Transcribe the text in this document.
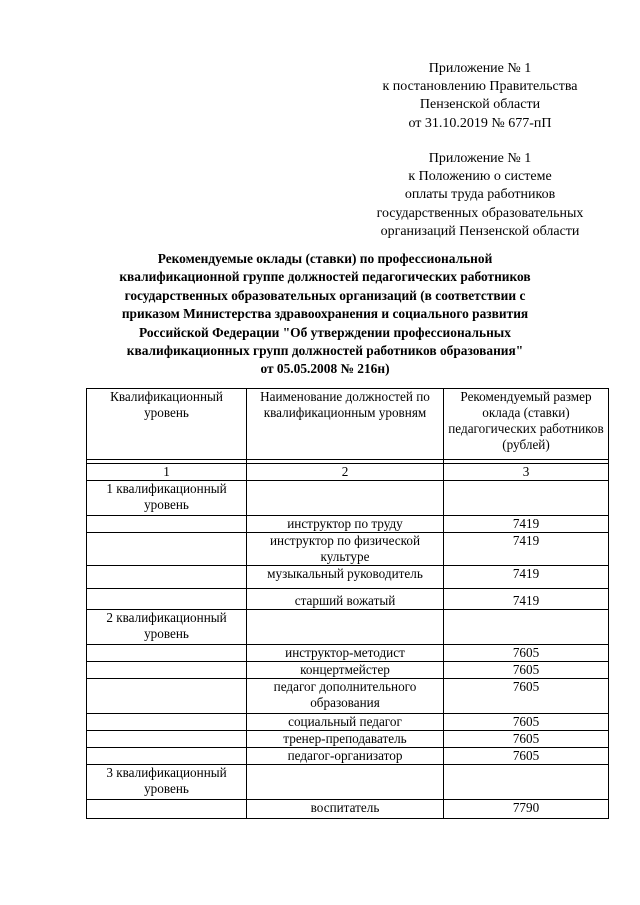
Приложение № 1
к постановлению Правительства
Пензенской области
от 31.10.2019 № 677-пП
Приложение № 1
к Положению о системе
оплаты труда работников
государственных образовательных
организаций Пензенской области
Рекомендуемые оклады (ставки) по профессиональной
квалификационной группе должностей педагогических работников
государственных образовательных организаций (в соответствии с
приказом Министерства здравоохранения и социального развития
Российской Федерации "Об утверждении профессиональных
квалификационных групп должностей работников образования"
от 05.05.2008 № 216н)
Квалификационный уровень	Наименование должностей по квалификационным уровням	Рекомендуемый размер оклада (ставки) педагогических работников (рублей)

1	2	3
1 квалификационный уровень		
	инструктор по труду	7419
	инструктор по физической культуре	7419
	музыкальный руководитель	7419
	старший вожатый	7419
2 квалификационный уровень		
	инструктор-методист	7605
	концертмейстер	7605
	педагог дополнительного образования	7605
	социальный педагог	7605
	тренер-преподаватель	7605
	педагог-организатор	7605
3 квалификационный уровень		
	воспитатель	7790
